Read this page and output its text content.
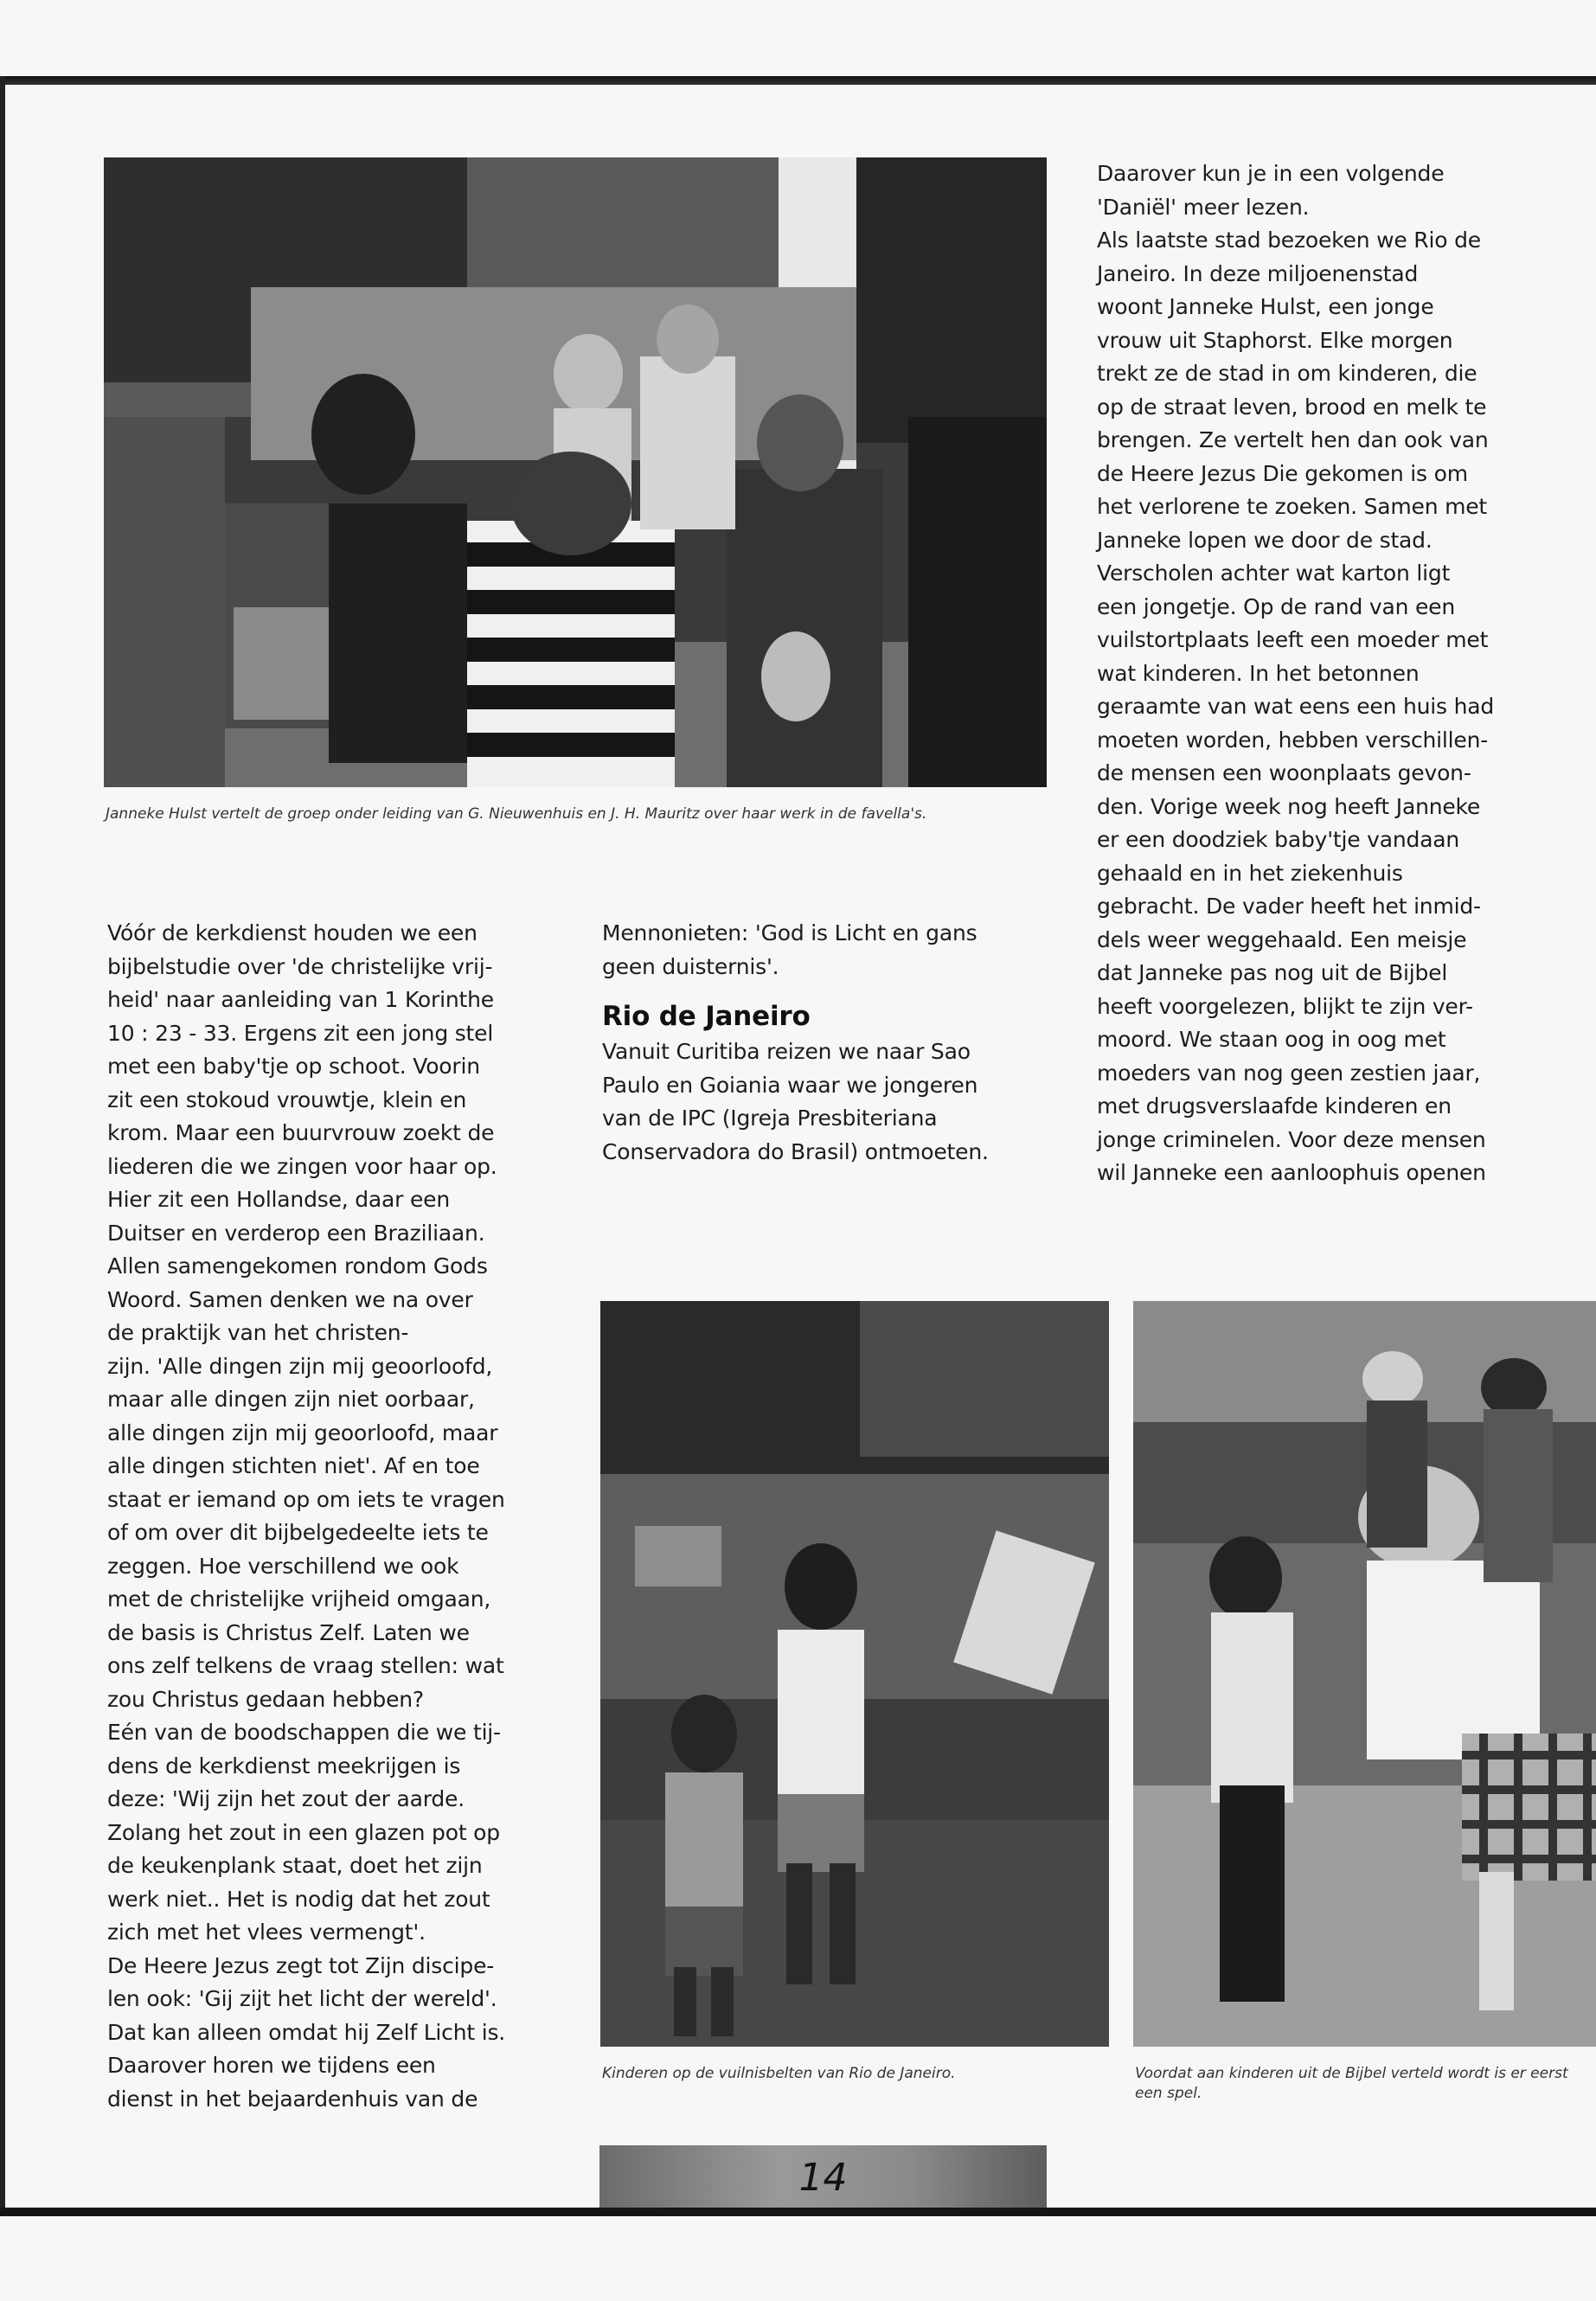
Janneke Hulst vertelt de groep onder leiding van G. Nieuwenhuis en J. H. Mauritz over haar werk in de favella's.

Vóór de kerkdienst houden we een

bijbelstudie over 'de christelijke vrij-

heid' naar aanleiding van 1 Korinthe

10 : 23 - 33. Ergens zit een jong stel

met een baby'tje op schoot. Voorin

zit een stokoud vrouwtje, klein en

krom. Maar een buurvrouw zoekt de

liederen die we zingen voor haar op.

Hier zit een Hollandse, daar een

Duitser en verderop een Braziliaan.

Allen samengekomen rondom Gods

Woord. Samen denken we na over

de praktijk van het christen-

zijn. 'Alle dingen zijn mij geoorloofd,

maar alle dingen zijn niet oorbaar,

alle dingen zijn mij geoorloofd, maar

alle dingen stichten niet'. Af en toe

staat er iemand op om iets te vragen

of om over dit bijbelgedeelte iets te

zeggen. Hoe verschillend we ook

met de christelijke vrijheid omgaan,

de basis is Christus Zelf. Laten we

ons zelf telkens de vraag stellen: wat

zou Christus gedaan hebben?

Eén van de boodschappen die we tij-

dens de kerkdienst meekrijgen is

deze: 'Wij zijn het zout der aarde.

Zolang het zout in een glazen pot op

de keukenplank staat, doet het zijn

werk niet.. Het is nodig dat het zout

zich met het vlees vermengt'.

De Heere Jezus zegt tot Zijn discipe-

len ook: 'Gij zijt het licht der wereld'.

Dat kan alleen omdat hij Zelf Licht is.

Daarover horen we tijdens een

dienst in het bejaardenhuis van de

Mennonieten: 'God is Licht en gans

geen duisternis'.

Rio de Janeiro

Vanuit Curitiba reizen we naar Sao

Paulo en Goiania waar we jongeren

van de IPC (Igreja Presbiteriana

Conservadora do Brasil) ontmoeten.

Daarover kun je in een volgende

'Daniël' meer lezen.

Als laatste stad bezoeken we Rio de

Janeiro. In deze miljoenenstad

woont Janneke Hulst, een jonge

vrouw uit Staphorst. Elke morgen

trekt ze de stad in om kinderen, die

op de straat leven, brood en melk te

brengen. Ze vertelt hen dan ook van

de Heere Jezus Die gekomen is om

het verlorene te zoeken. Samen met

Janneke lopen we door de stad.

Verscholen achter wat karton ligt

een jongetje. Op de rand van een

vuilstortplaats leeft een moeder met

wat kinderen. In het betonnen

geraamte van wat eens een huis had

moeten worden, hebben verschillen-

de mensen een woonplaats gevon-

den. Vorige week nog heeft Janneke

er een doodziek baby'tje vandaan

gehaald en in het ziekenhuis

gebracht. De vader heeft het inmid-

dels weer weggehaald. Een meisje

dat Janneke pas nog uit de Bijbel

heeft voorgelezen, blijkt te zijn ver-

moord. We staan oog in oog met

moeders van nog geen zestien jaar,

met drugsverslaafde kinderen en

jonge criminelen. Voor deze mensen

wil Janneke een aanloophuis openen

Kinderen op de vuilnisbelten van Rio de Janeiro.	Voordat aan kinderen uit de Bijbel verteld wordt is er eerst een spel.
14
